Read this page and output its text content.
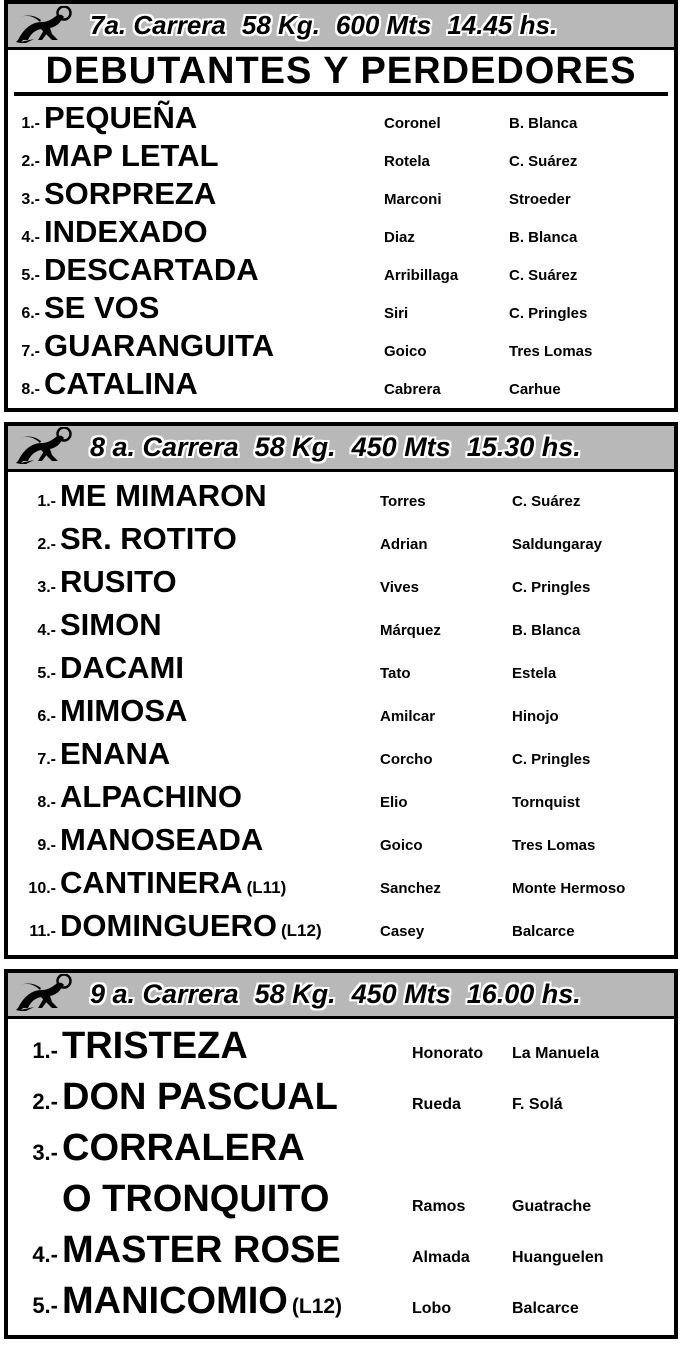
7a. Carrera 58 Kg. 600 Mts 14.45 hs.
DEBUTANTES Y PERDEDORES
1.- PEQUEÑA	Coronel	B. Blanca
2.- MAP LETAL	Rotela	C. Suárez
3.- SORPREZA	Marconi	Stroeder
4.- INDEXADO	Diaz	B. Blanca
5.- DESCARTADA	Arribillaga	C. Suárez
6.- SE VOS	Siri	C. Pringles
7.- GUARANGUITA	Goico	Tres Lomas
8.- CATALINA	Cabrera	Carhue
8 a. Carrera 58 Kg. 450 Mts 15.30 hs.
1.- ME MIMARON	Torres	C. Suárez
2.- SR. ROTITO	Adrian	Saldungaray
3.- RUSITO	Vives	C. Pringles
4.- SIMON	Márquez	B. Blanca
5.- DACAMI	Tato	Estela
6.- MIMOSA	Amilcar	Hinojo
7.- ENANA	Corcho	C. Pringles
8.- ALPACHINO	Elio	Tornquist
9.- MANOSEADA	Goico	Tres Lomas
10.- CANTINERA (L11)	Sanchez	Monte Hermoso
11.- DOMINGUERO (L12)	Casey	Balcarce
9 a. Carrera 58 Kg. 450 Mts 16.00 hs.
1.- TRISTEZA	Honorato	La Manuela
2.- DON PASCUAL	Rueda	F. Solá
3.- CORRALERA
O TRONQUITO	Ramos	Guatrache
4.- MASTER ROSE	Almada	Huanguelen
5.- MANICOMIO (L12)	Lobo	Balcarce
